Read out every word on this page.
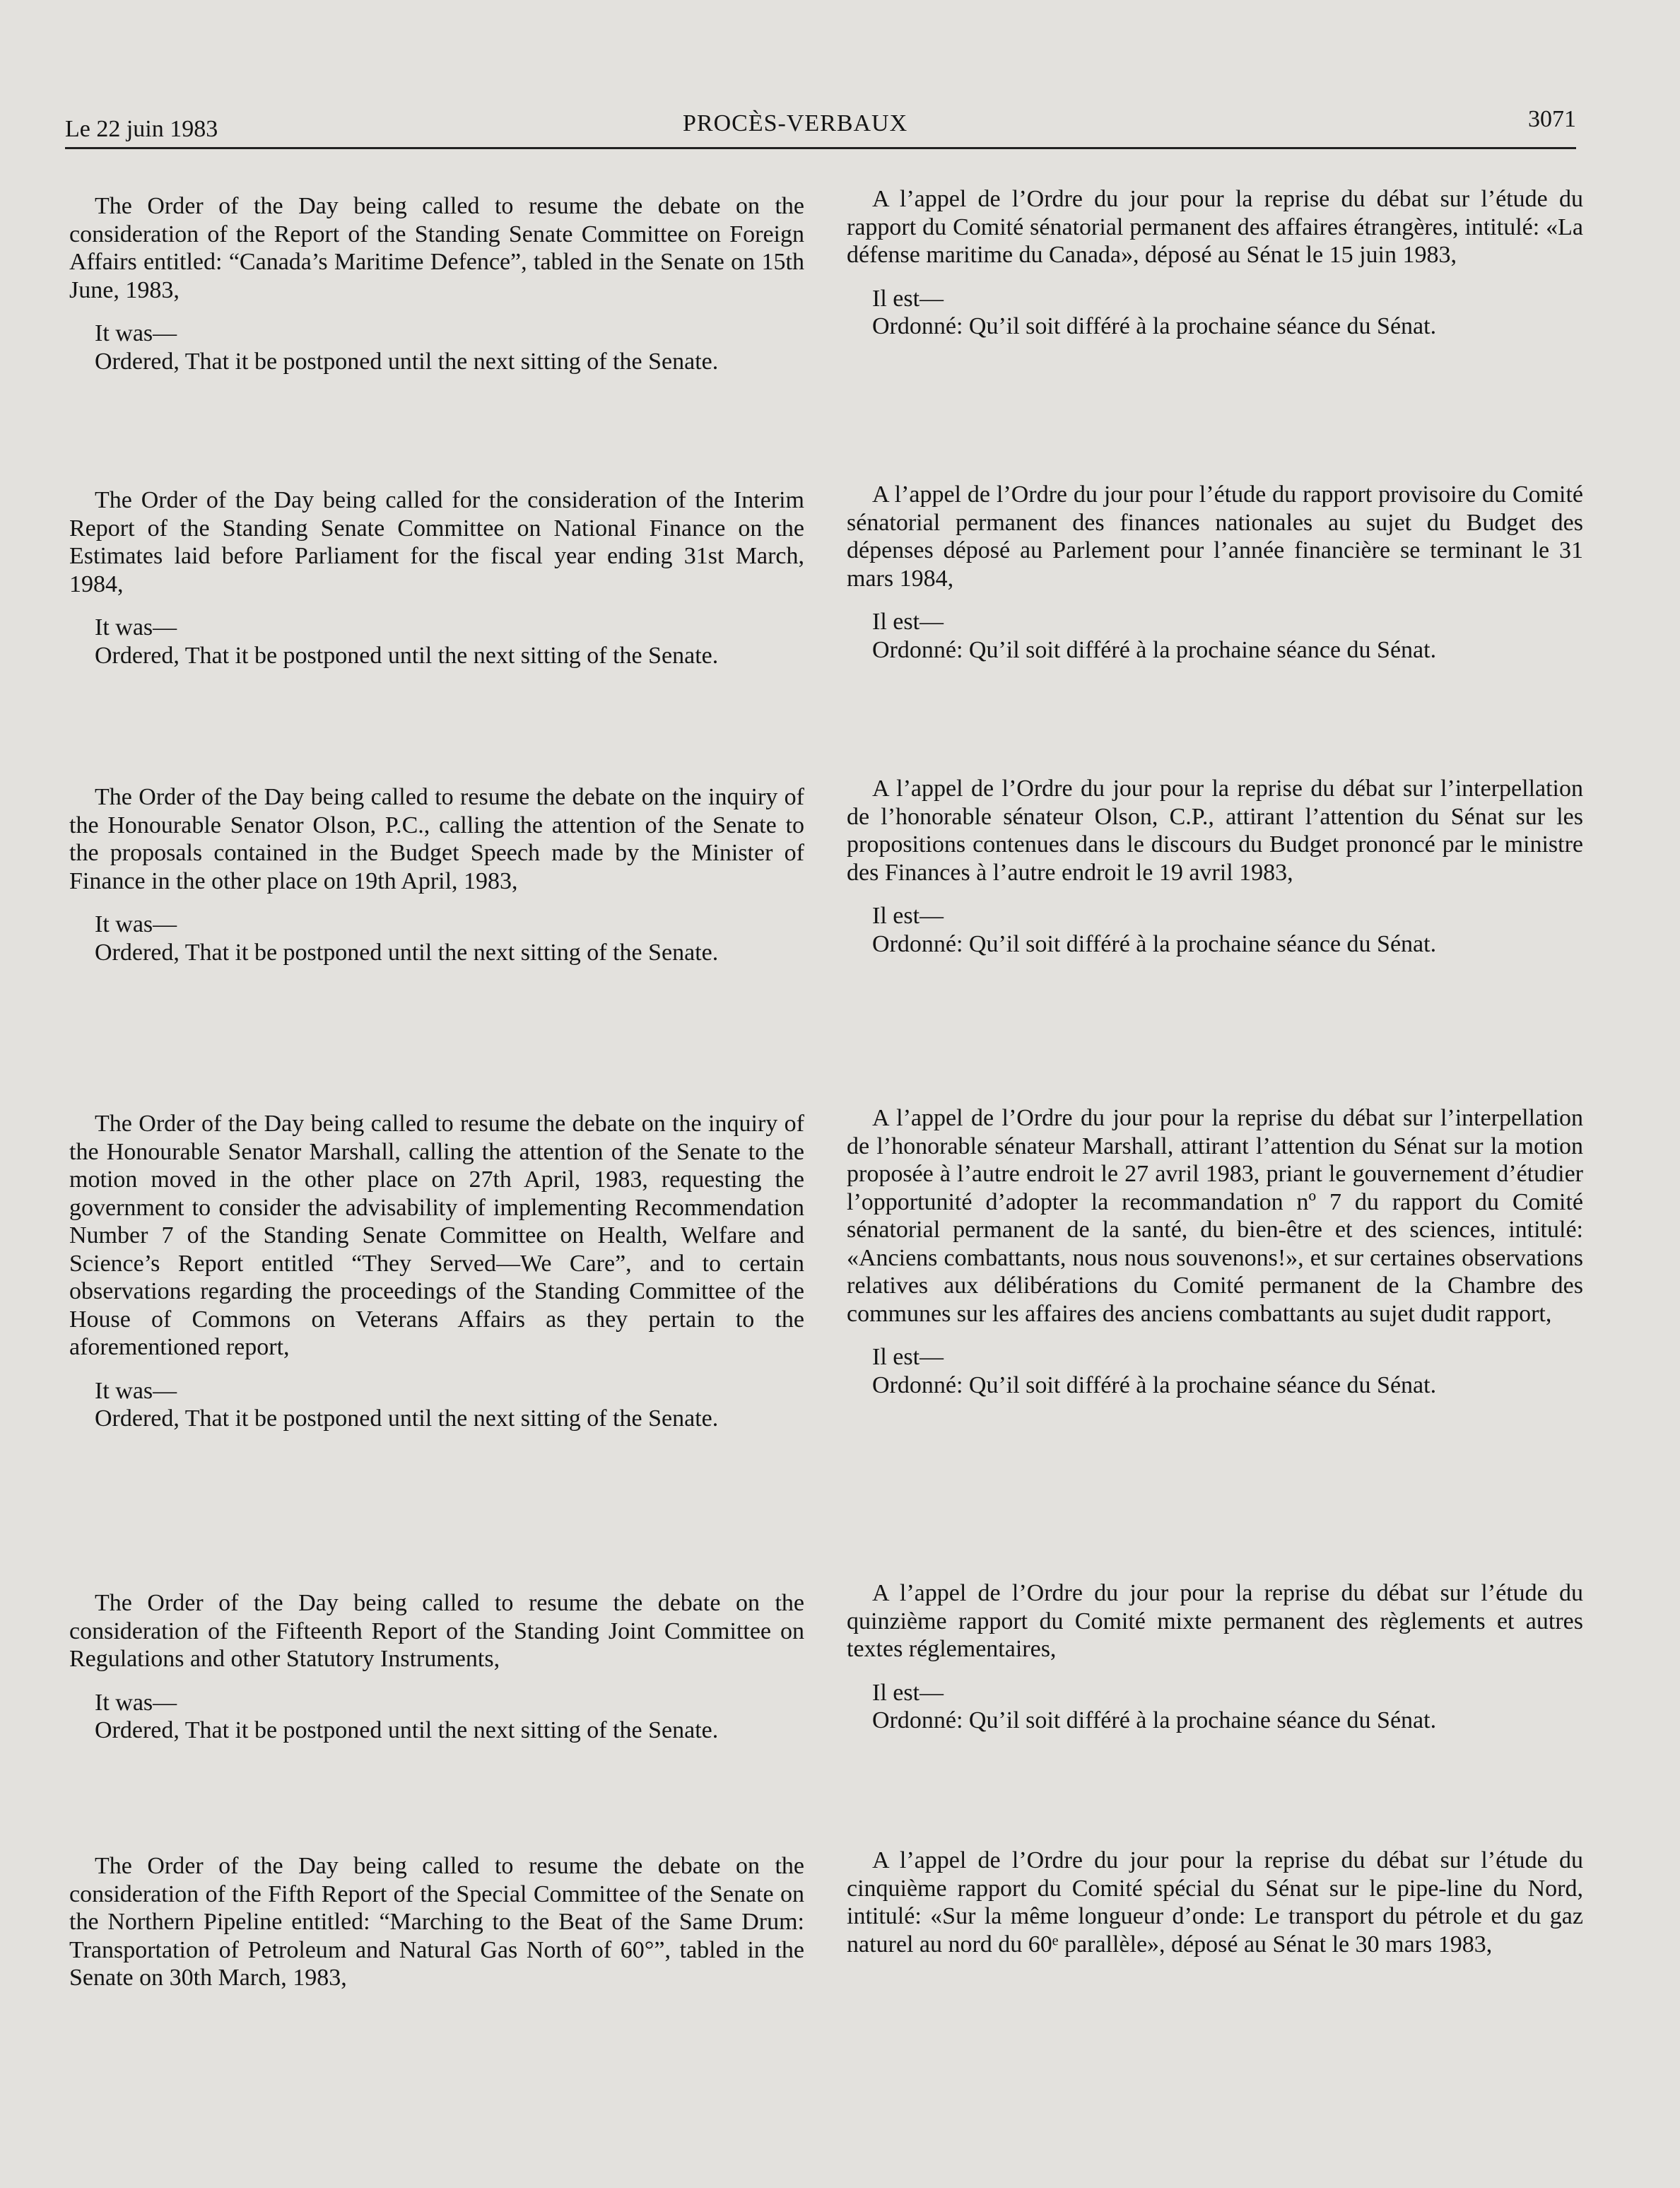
Le 22 juin 1983	PROCÈS-VERBAUX	3071

The Order of the Day being called to resume the debate on the consideration of the Report of the Standing Senate Committee on Foreign Affairs entitled: “Canada’s Maritime Defence”, tabled in the Senate on 15th June, 1983,

It was—

Ordered, That it be postponed until the next sitting of the Senate.

The Order of the Day being called for the consideration of the Interim Report of the Standing Senate Committee on National Finance on the Estimates laid before Parliament for the fiscal year ending 31st March, 1984,

It was—

Ordered, That it be postponed until the next sitting of the Senate.

The Order of the Day being called to resume the debate on the inquiry of the Honourable Senator Olson, P.C., calling the attention of the Senate to the proposals contained in the Budget Speech made by the Minister of Finance in the other place on 19th April, 1983,

It was—

Ordered, That it be postponed until the next sitting of the Senate.

The Order of the Day being called to resume the debate on the inquiry of the Honourable Senator Marshall, calling the attention of the Senate to the motion moved in the other place on 27th April, 1983, requesting the government to consider the advisability of implementing Recommendation Number 7 of the Standing Senate Committee on Health, Welfare and Science’s Report entitled “They Served—We Care”, and to certain observations regarding the proceedings of the Standing Committee of the House of Commons on Veterans Affairs as they pertain to the aforementioned report,

It was—

Ordered, That it be postponed until the next sitting of the Senate.

The Order of the Day being called to resume the debate on the consideration of the Fifteenth Report of the Standing Joint Committee on Regulations and other Statutory Instruments,

It was—

Ordered, That it be postponed until the next sitting of the Senate.

The Order of the Day being called to resume the debate on the consideration of the Fifth Report of the Special Committee of the Senate on the Northern Pipeline entitled: “Marching to the Beat of the Same Drum: Transportation of Petroleum and Natural Gas North of 60°”, tabled in the Senate on 30th March, 1983,

A l’appel de l’Ordre du jour pour la reprise du débat sur l’étude du rapport du Comité sénatorial permanent des affaires étrangères, intitulé: «La défense maritime du Canada», déposé au Sénat le 15 juin 1983,

Il est—

Ordonné: Qu’il soit différé à la prochaine séance du Sénat.

A l’appel de l’Ordre du jour pour l’étude du rapport provisoire du Comité sénatorial permanent des finances nationales au sujet du Budget des dépenses déposé au Parlement pour l’année financière se terminant le 31 mars 1984,

Il est—

Ordonné: Qu’il soit différé à la prochaine séance du Sénat.

A l’appel de l’Ordre du jour pour la reprise du débat sur l’interpellation de l’honorable sénateur Olson, C.P., attirant l’attention du Sénat sur les propositions contenues dans le discours du Budget prononcé par le ministre des Finances à l’autre endroit le 19 avril 1983,

Il est—

Ordonné: Qu’il soit différé à la prochaine séance du Sénat.

A l’appel de l’Ordre du jour pour la reprise du débat sur l’interpellation de l’honorable sénateur Marshall, attirant l’attention du Sénat sur la motion proposée à l’autre endroit le 27 avril 1983, priant le gouvernement d’étudier l’opportunité d’adopter la recommandation nº 7 du rapport du Comité sénatorial permanent de la santé, du bien-être et des sciences, intitulé: «Anciens combattants, nous nous souvenons!», et sur certaines observations relatives aux délibérations du Comité permanent de la Chambre des communes sur les affaires des anciens combattants au sujet dudit rapport,

Il est—

Ordonné: Qu’il soit différé à la prochaine séance du Sénat.

A l’appel de l’Ordre du jour pour la reprise du débat sur l’étude du quinzième rapport du Comité mixte permanent des règlements et autres textes réglementaires,

Il est—

Ordonné: Qu’il soit différé à la prochaine séance du Sénat.

A l’appel de l’Ordre du jour pour la reprise du débat sur l’étude du cinquième rapport du Comité spécial du Sénat sur le pipe-line du Nord, intitulé: «Sur la même longueur d’onde: Le transport du pétrole et du gaz naturel au nord du 60ᵉ parallèle», déposé au Sénat le 30 mars 1983,
